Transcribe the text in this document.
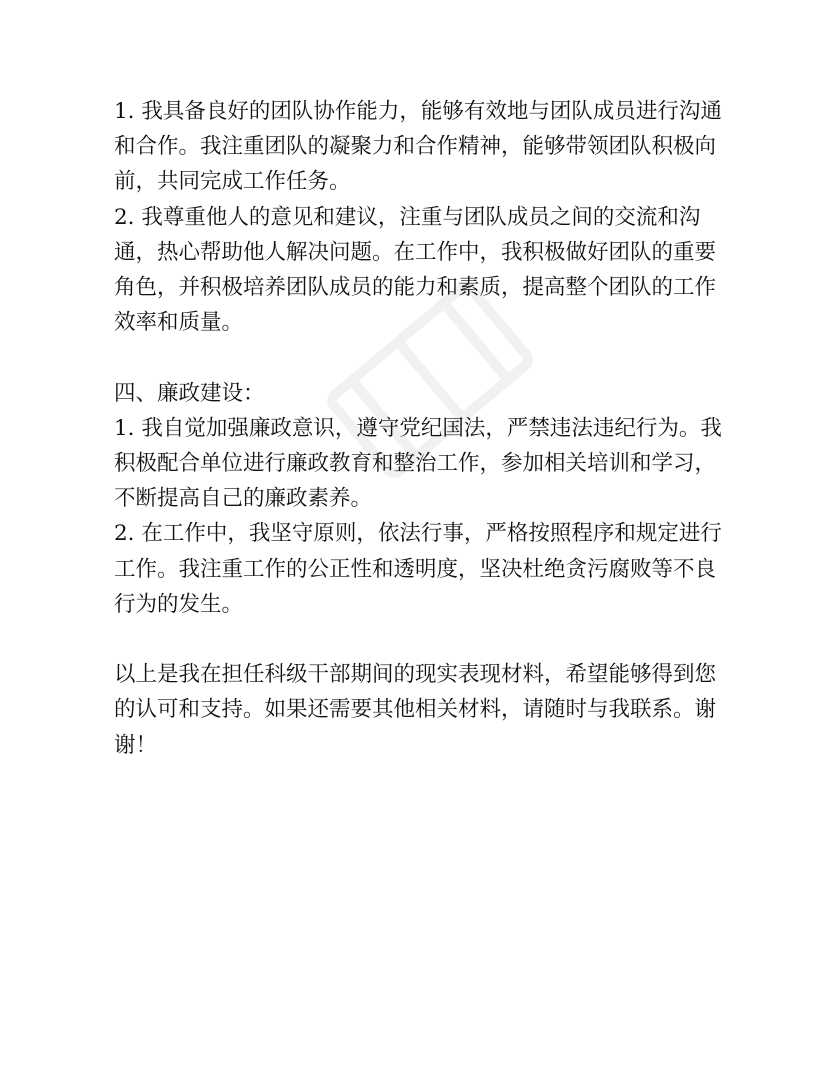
1. 我具备良好的团队协作能力，能够有效地与团队成员进行沟通和合作。我注重团队的凝聚力和合作精神，能够带领团队积极向前，共同完成工作任务。

2. 我尊重他人的意见和建议，注重与团队成员之间的交流和沟通，热心帮助他人解决问题。在工作中，我积极做好团队的重要角色，并积极培养团队成员的能力和素质，提高整个团队的工作效率和质量。

四、廉政建设：

1. 我自觉加强廉政意识，遵守党纪国法，严禁违法违纪行为。我积极配合单位进行廉政教育和整治工作，参加相关培训和学习，不断提高自己的廉政素养。

2. 在工作中，我坚守原则，依法行事，严格按照程序和规定进行工作。我注重工作的公正性和透明度，坚决杜绝贪污腐败等不良行为的发生。

以上是我在担任科级干部期间的现实表现材料，希望能够得到您的认可和支持。如果还需要其他相关材料，请随时与我联系。谢谢！
